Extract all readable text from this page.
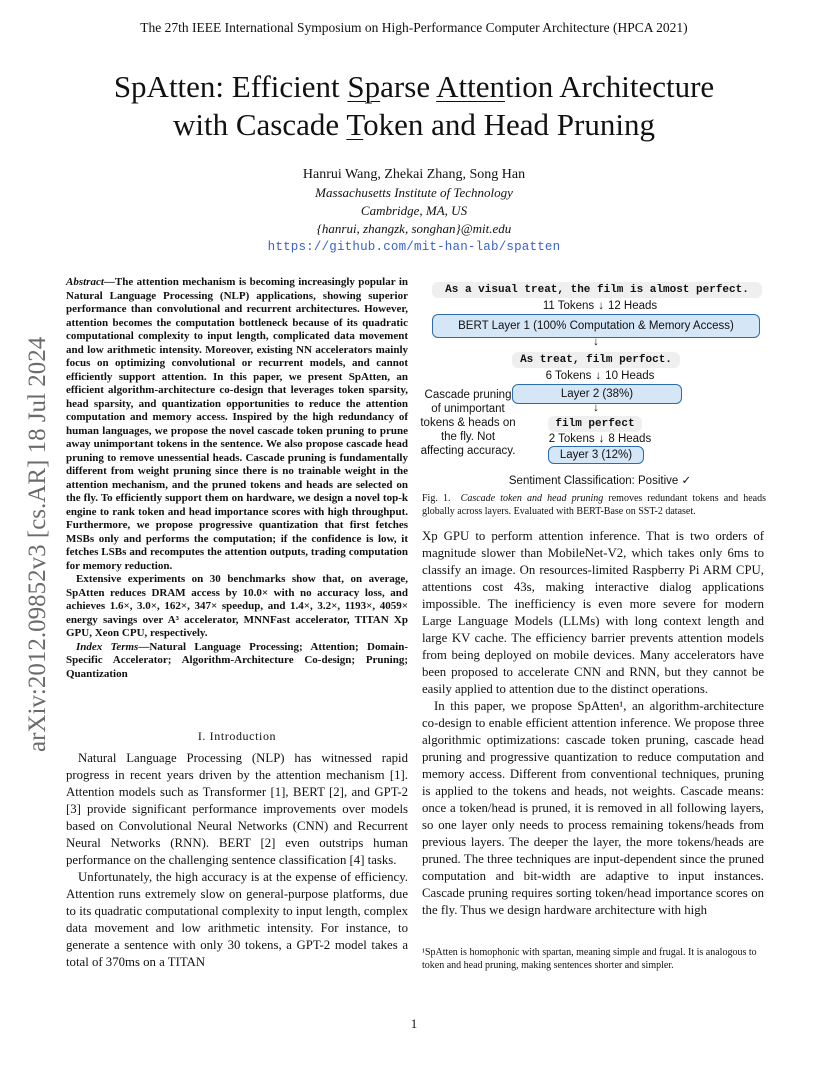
The 27th IEEE International Symposium on High-Performance Computer Architecture (HPCA 2021)
SpAtten: Efficient Sparse Attention Architecture
with Cascade Token and Head Pruning
Hanrui Wang, Zhekai Zhang, Song Han
Massachusetts Institute of Technology
Cambridge, MA, US
{hanrui, zhangzk, songhan}@mit.edu
https://github.com/mit-han-lab/spatten
arXiv:2012.09852v3 [cs.AR] 18 Jul 2024

Abstract—The attention mechanism is becoming increasingly popular in Natural Language Processing (NLP) applications, showing superior performance than convolutional and recurrent architectures. However, attention becomes the computation bottleneck because of its quadratic computational complexity to input length, complicated data movement and low arithmetic intensity. Moreover, existing NN accelerators mainly focus on optimizing convolutional or recurrent models, and cannot efficiently support attention. In this paper, we present SpAtten, an efficient algorithm-architecture co-design that leverages token sparsity, head sparsity, and quantization opportunities to reduce the attention computation and memory access. Inspired by the high redundancy of human languages, we propose the novel cascade token pruning to prune away unimportant tokens in the sentence. We also propose cascade head pruning to remove unessential heads. Cascade pruning is fundamentally different from weight pruning since there is no trainable weight in the attention mechanism, and the pruned tokens and heads are selected on the fly. To efficiently support them on hardware, we design a novel top-k engine to rank token and head importance scores with high throughput. Furthermore, we propose progressive quantization that first fetches MSBs only and performs the computation; if the confidence is low, it fetches LSBs and recomputes the attention outputs, trading computation for memory reduction.

Extensive experiments on 30 benchmarks show that, on average, SpAtten reduces DRAM access by 10.0× with no accuracy loss, and achieves 1.6×, 3.0×, 162×, 347× speedup, and 1.4×, 3.2×, 1193×, 4059× energy savings over A³ accelerator, MNNFast accelerator, TITAN Xp GPU, Xeon CPU, respectively.

Index Terms—Natural Language Processing; Attention; Domain-Specific Accelerator; Algorithm-Architecture Co-design; Pruning; Quantization

I. Introduction

Natural Language Processing (NLP) has witnessed rapid progress in recent years driven by the attention mechanism [1]. Attention models such as Transformer [1], BERT [2], and GPT-2 [3] provide significant performance improvements over models based on Convolutional Neural Networks (CNN) and Recurrent Neural Networks (RNN). BERT [2] even outstrips human performance on the challenging sentence classification [4] tasks.

Unfortunately, the high accuracy is at the expense of efficiency. Attention runs extremely slow on general-purpose platforms, due to its quadratic computational complexity to input length, complex data movement and low arithmetic intensity. For instance, to generate a sentence with only 30 tokens, a GPT-2 model takes a total of 370ms on a TITAN

As a visual treat, the film is almost perfect.
11 Tokens ↓ 12 Heads
BERT Layer 1 (100% Computation & Memory Access)
↓
As treat, film perfoct.
6 Tokens ↓ 10 Heads
Layer 2 (38%)
↓
film perfect
2 Tokens ↓ 8 Heads
Layer 3 (12%)
Cascade pruning of unimportant tokens & heads on the fly. Not affecting accuracy.
Sentiment Classification: Positive ✓
Fig. 1. Cascade token and head pruning removes redundant tokens and heads globally across layers. Evaluated with BERT-Base on SST-2 dataset.

Xp GPU to perform attention inference. That is two orders of magnitude slower than MobileNet-V2, which takes only 6ms to classify an image. On resources-limited Raspberry Pi ARM CPU, attentions cost 43s, making interactive dialog applications impossible. The inefficiency is even more severe for modern Large Language Models (LLMs) with long context length and large KV cache. The efficiency barrier prevents attention models from being deployed on mobile devices. Many accelerators have been proposed to accelerate CNN and RNN, but they cannot be easily applied to attention due to the distinct operations.

In this paper, we propose SpAtten¹, an algorithm-architecture co-design to enable efficient attention inference. We propose three algorithmic optimizations: cascade token pruning, cascade head pruning and progressive quantization to reduce computation and memory access. Different from conventional techniques, pruning is applied to the tokens and heads, not weights. Cascade means: once a token/head is pruned, it is removed in all following layers, so one layer only needs to process remaining tokens/heads from previous layers. The deeper the layer, the more tokens/heads are pruned. The three techniques are input-dependent since the pruned computation and bit-width are adaptive to input instances. Cascade pruning requires sorting token/head importance scores on the fly. Thus we design hardware architecture with high

¹SpAtten is homophonic with spartan, meaning simple and frugal. It is analogous to token and head pruning, making sentences shorter and simpler.
1
